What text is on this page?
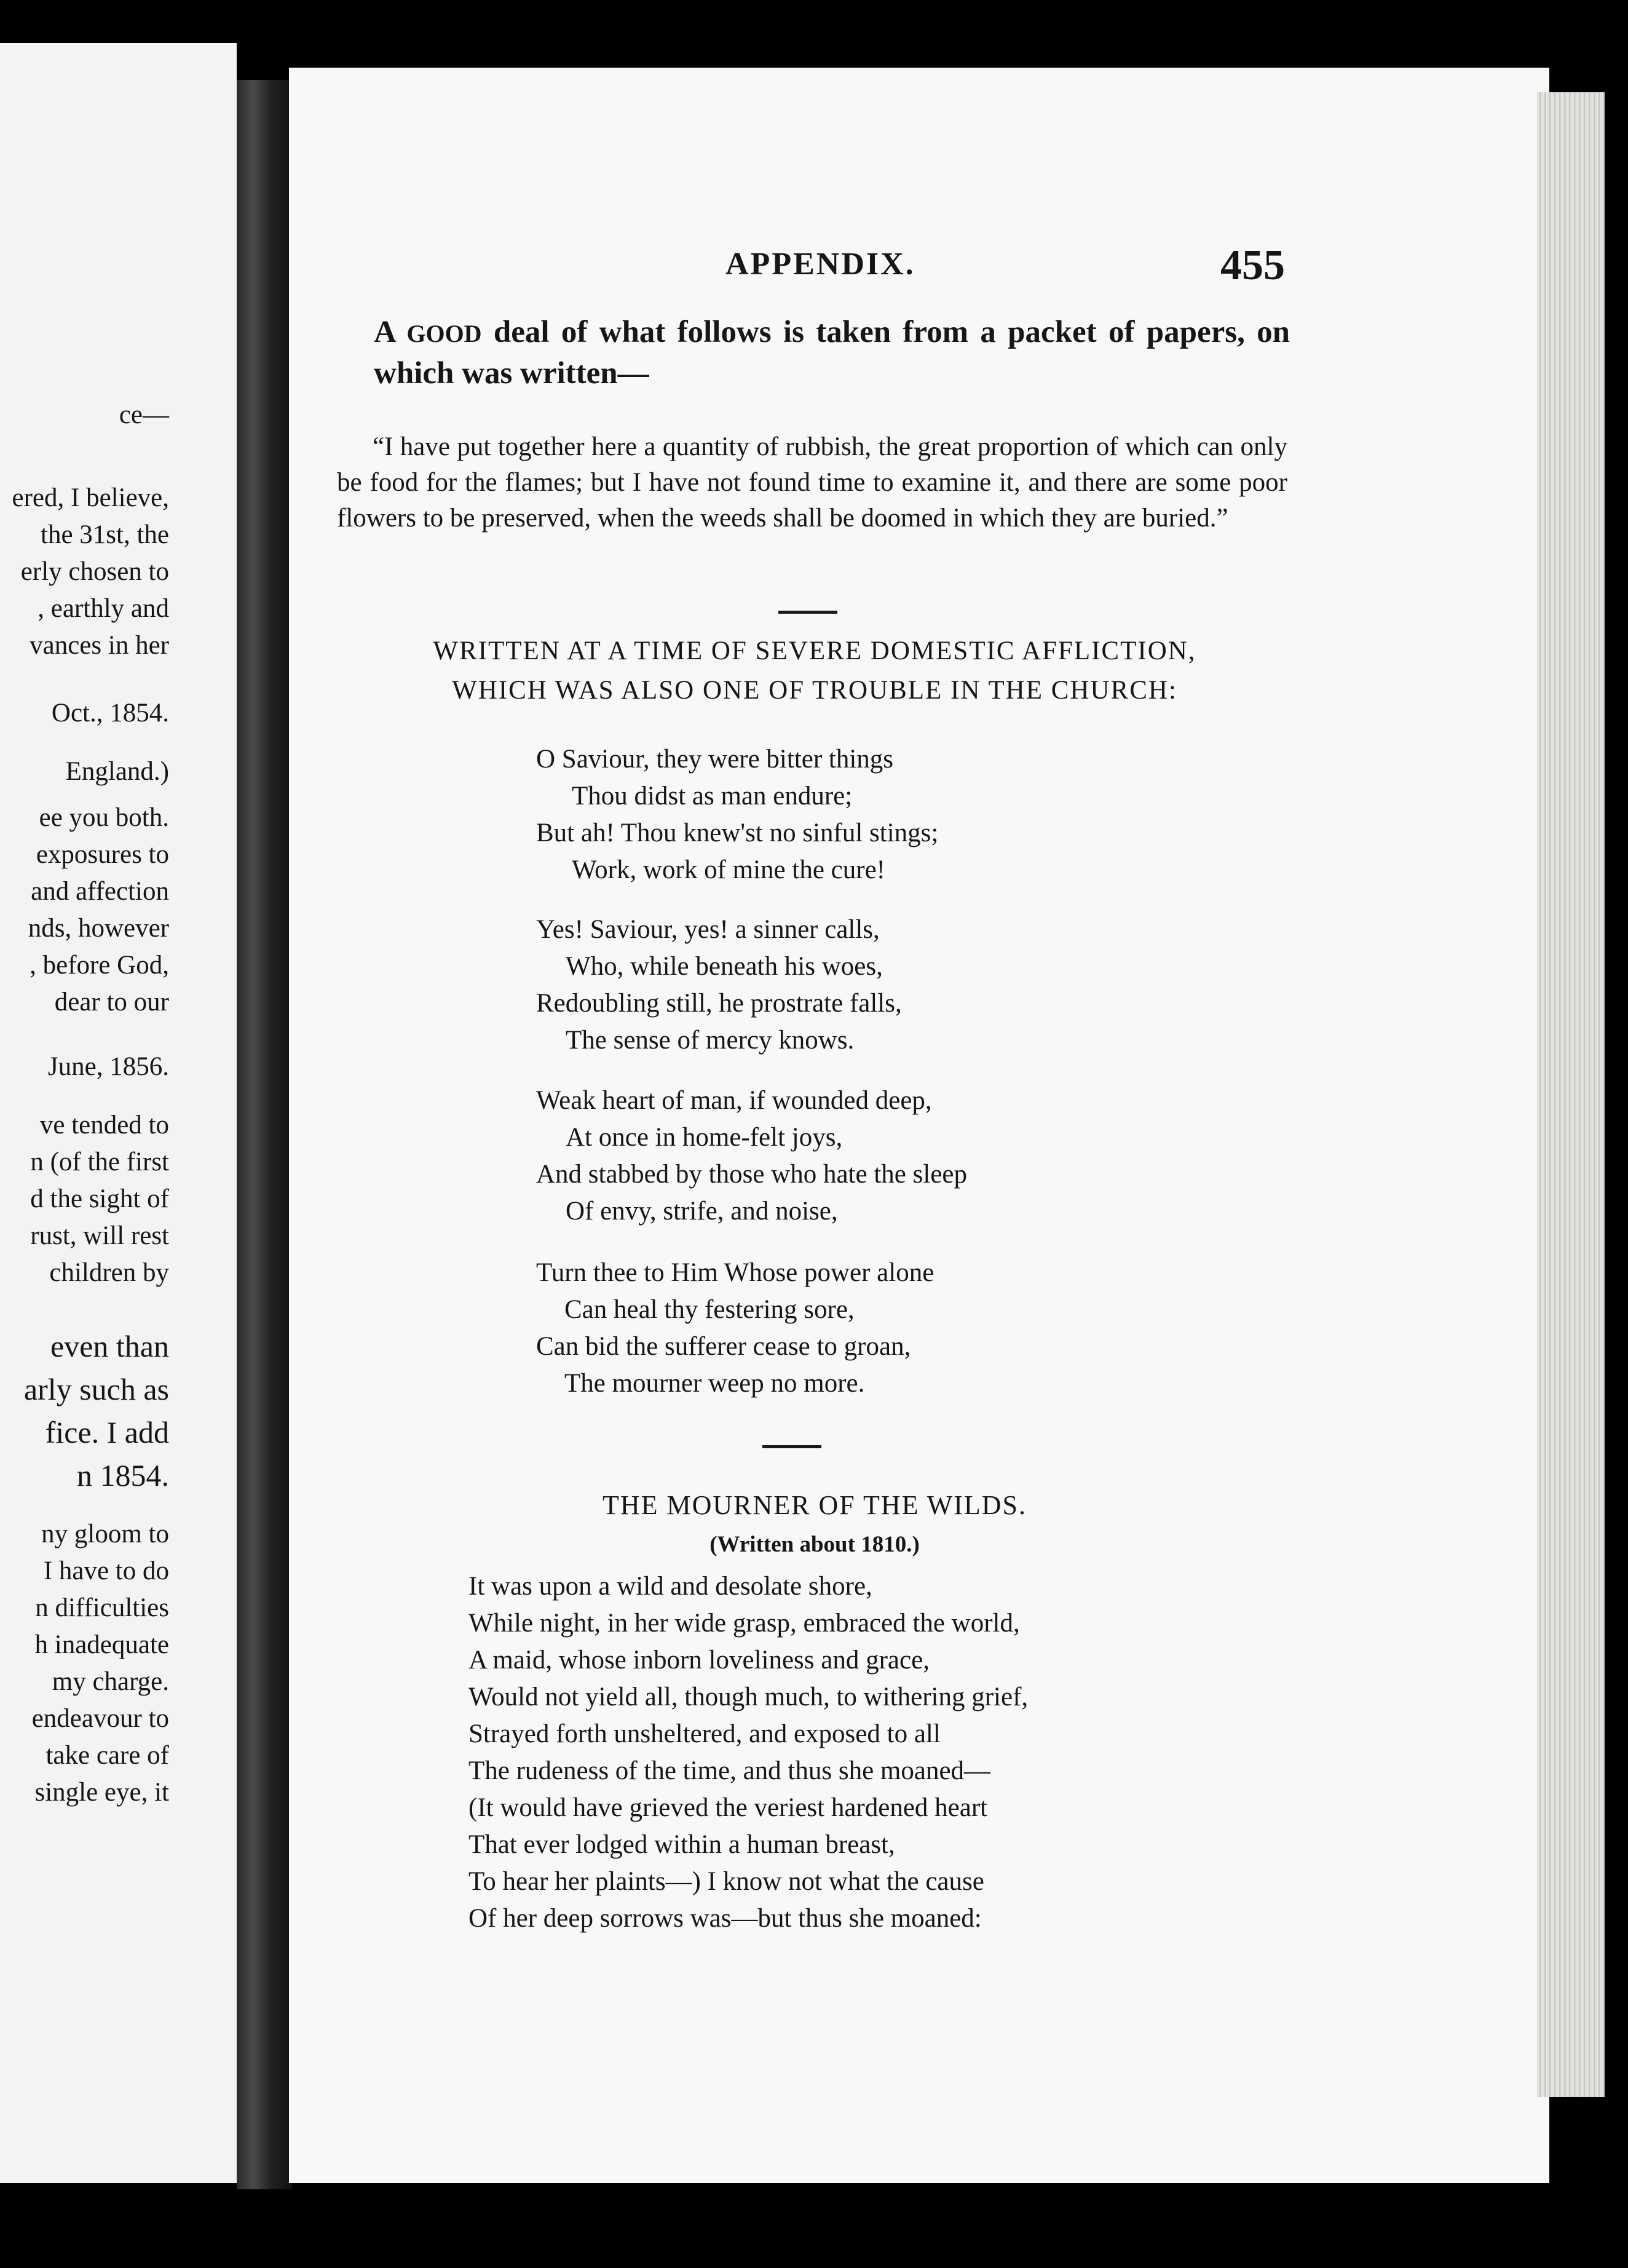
ce—
ered, I believe,
the 31st, the
erly chosen to
, earthly and
vances in her
Oct., 1854.
England.)
ee you both.
exposures to
and affection
nds, however
, before God,
dear to our
June, 1856.
ve tended to
n (of the first
d the sight of
rust, will rest
children by
even than
arly such as
fice. I add
n 1854.
ny gloom to
I have to do
n difficulties
h inadequate
my charge.
endeavour to
take care of
single eye, it
APPENDIX.	455
A GOOD deal of what follows is taken from a packet of papers, on which was written—
“I have put together here a quantity of rubbish, the great proportion of which can only be food for the flames; but I have not found time to examine it, and there are some poor flowers to be preserved, when the weeds shall be doomed in which they are buried.”
WRITTEN AT A TIME OF SEVERE DOMESTIC AFFLICTION,
WHICH WAS ALSO ONE OF TROUBLE IN THE CHURCH:
O Saviour, they were bitter things
Thou didst as man endure;
But ah! Thou knew'st no sinful stings;
Work, work of mine the cure!
Yes! Saviour, yes! a sinner calls,
Who, while beneath his woes,
Redoubling still, he prostrate falls,
The sense of mercy knows.
Weak heart of man, if wounded deep,
At once in home-felt joys,
And stabbed by those who hate the sleep
Of envy, strife, and noise,
Turn thee to Him Whose power alone
Can heal thy festering sore,
Can bid the sufferer cease to groan,
The mourner weep no more.
THE MOURNER OF THE WILDS.
(Written about 1810.)
It was upon a wild and desolate shore,
While night, in her wide grasp, embraced the world,
A maid, whose inborn loveliness and grace,
Would not yield all, though much, to withering grief,
Strayed forth unsheltered, and exposed to all
The rudeness of the time, and thus she moaned—
(It would have grieved the veriest hardened heart
That ever lodged within a human breast,
To hear her plaints—) I know not what the cause
Of her deep sorrows was—but thus she moaned:
